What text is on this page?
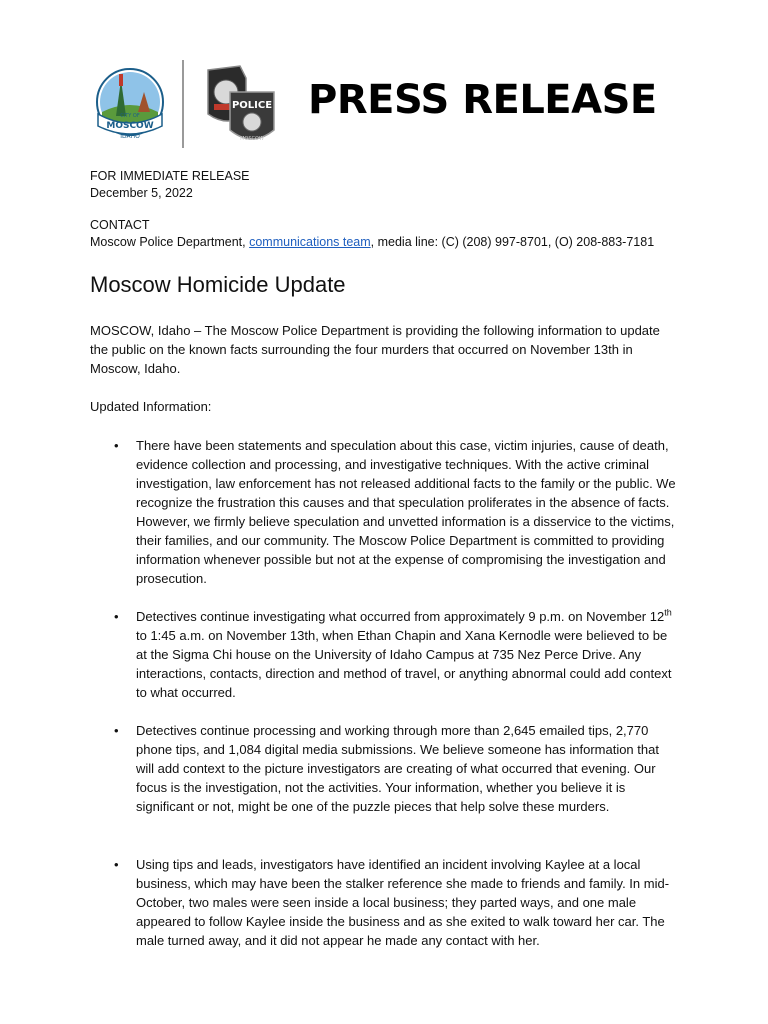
MOSCOW
CITY OF
IDAHO
POLICE
MOSCOW
PRESS RELEASE
FOR IMMEDIATE RELEASE
December 5, 2022
CONTACT
Moscow Police Department, communications team, media line: (C) (208) 997-8701, (O) 208-883-7181
Moscow Homicide Update
MOSCOW, Idaho – The Moscow Police Department is providing the following information to update the public on the known facts surrounding the four murders that occurred on November 13th in Moscow, Idaho.
Updated Information:
•	There have been statements and speculation about this case, victim injuries, cause of death, evidence collection and processing, and investigative techniques. With the active criminal investigation, law enforcement has not released additional facts to the family or the public. We recognize the frustration this causes and that speculation proliferates in the absence of facts. However, we firmly believe speculation and unvetted information is a disservice to the victims, their families, and our community. The Moscow Police Department is committed to providing information whenever possible but not at the expense of compromising the investigation and prosecution.
•	Detectives continue investigating what occurred from approximately 9 p.m. on November 12th to 1:45 a.m. on November 13th, when Ethan Chapin and Xana Kernodle were believed to be at the Sigma Chi house on the University of Idaho Campus at 735 Nez Perce Drive. Any interactions, contacts, direction and method of travel, or anything abnormal could add context to what occurred.
•	Detectives continue processing and working through more than 2,645 emailed tips, 2,770 phone tips, and 1,084 digital media submissions. We believe someone has information that will add context to the picture investigators are creating of what occurred that evening. Our focus is the investigation, not the activities. Your information, whether you believe it is significant or not, might be one of the puzzle pieces that help solve these murders.
•	Using tips and leads, investigators have identified an incident involving Kaylee at a local business, which may have been the stalker reference she made to friends and family. In mid-October, two males were seen inside a local business; they parted ways, and one male appeared to follow Kaylee inside the business and as she exited to walk toward her car. The male turned away, and it did not appear he made any contact with her.
